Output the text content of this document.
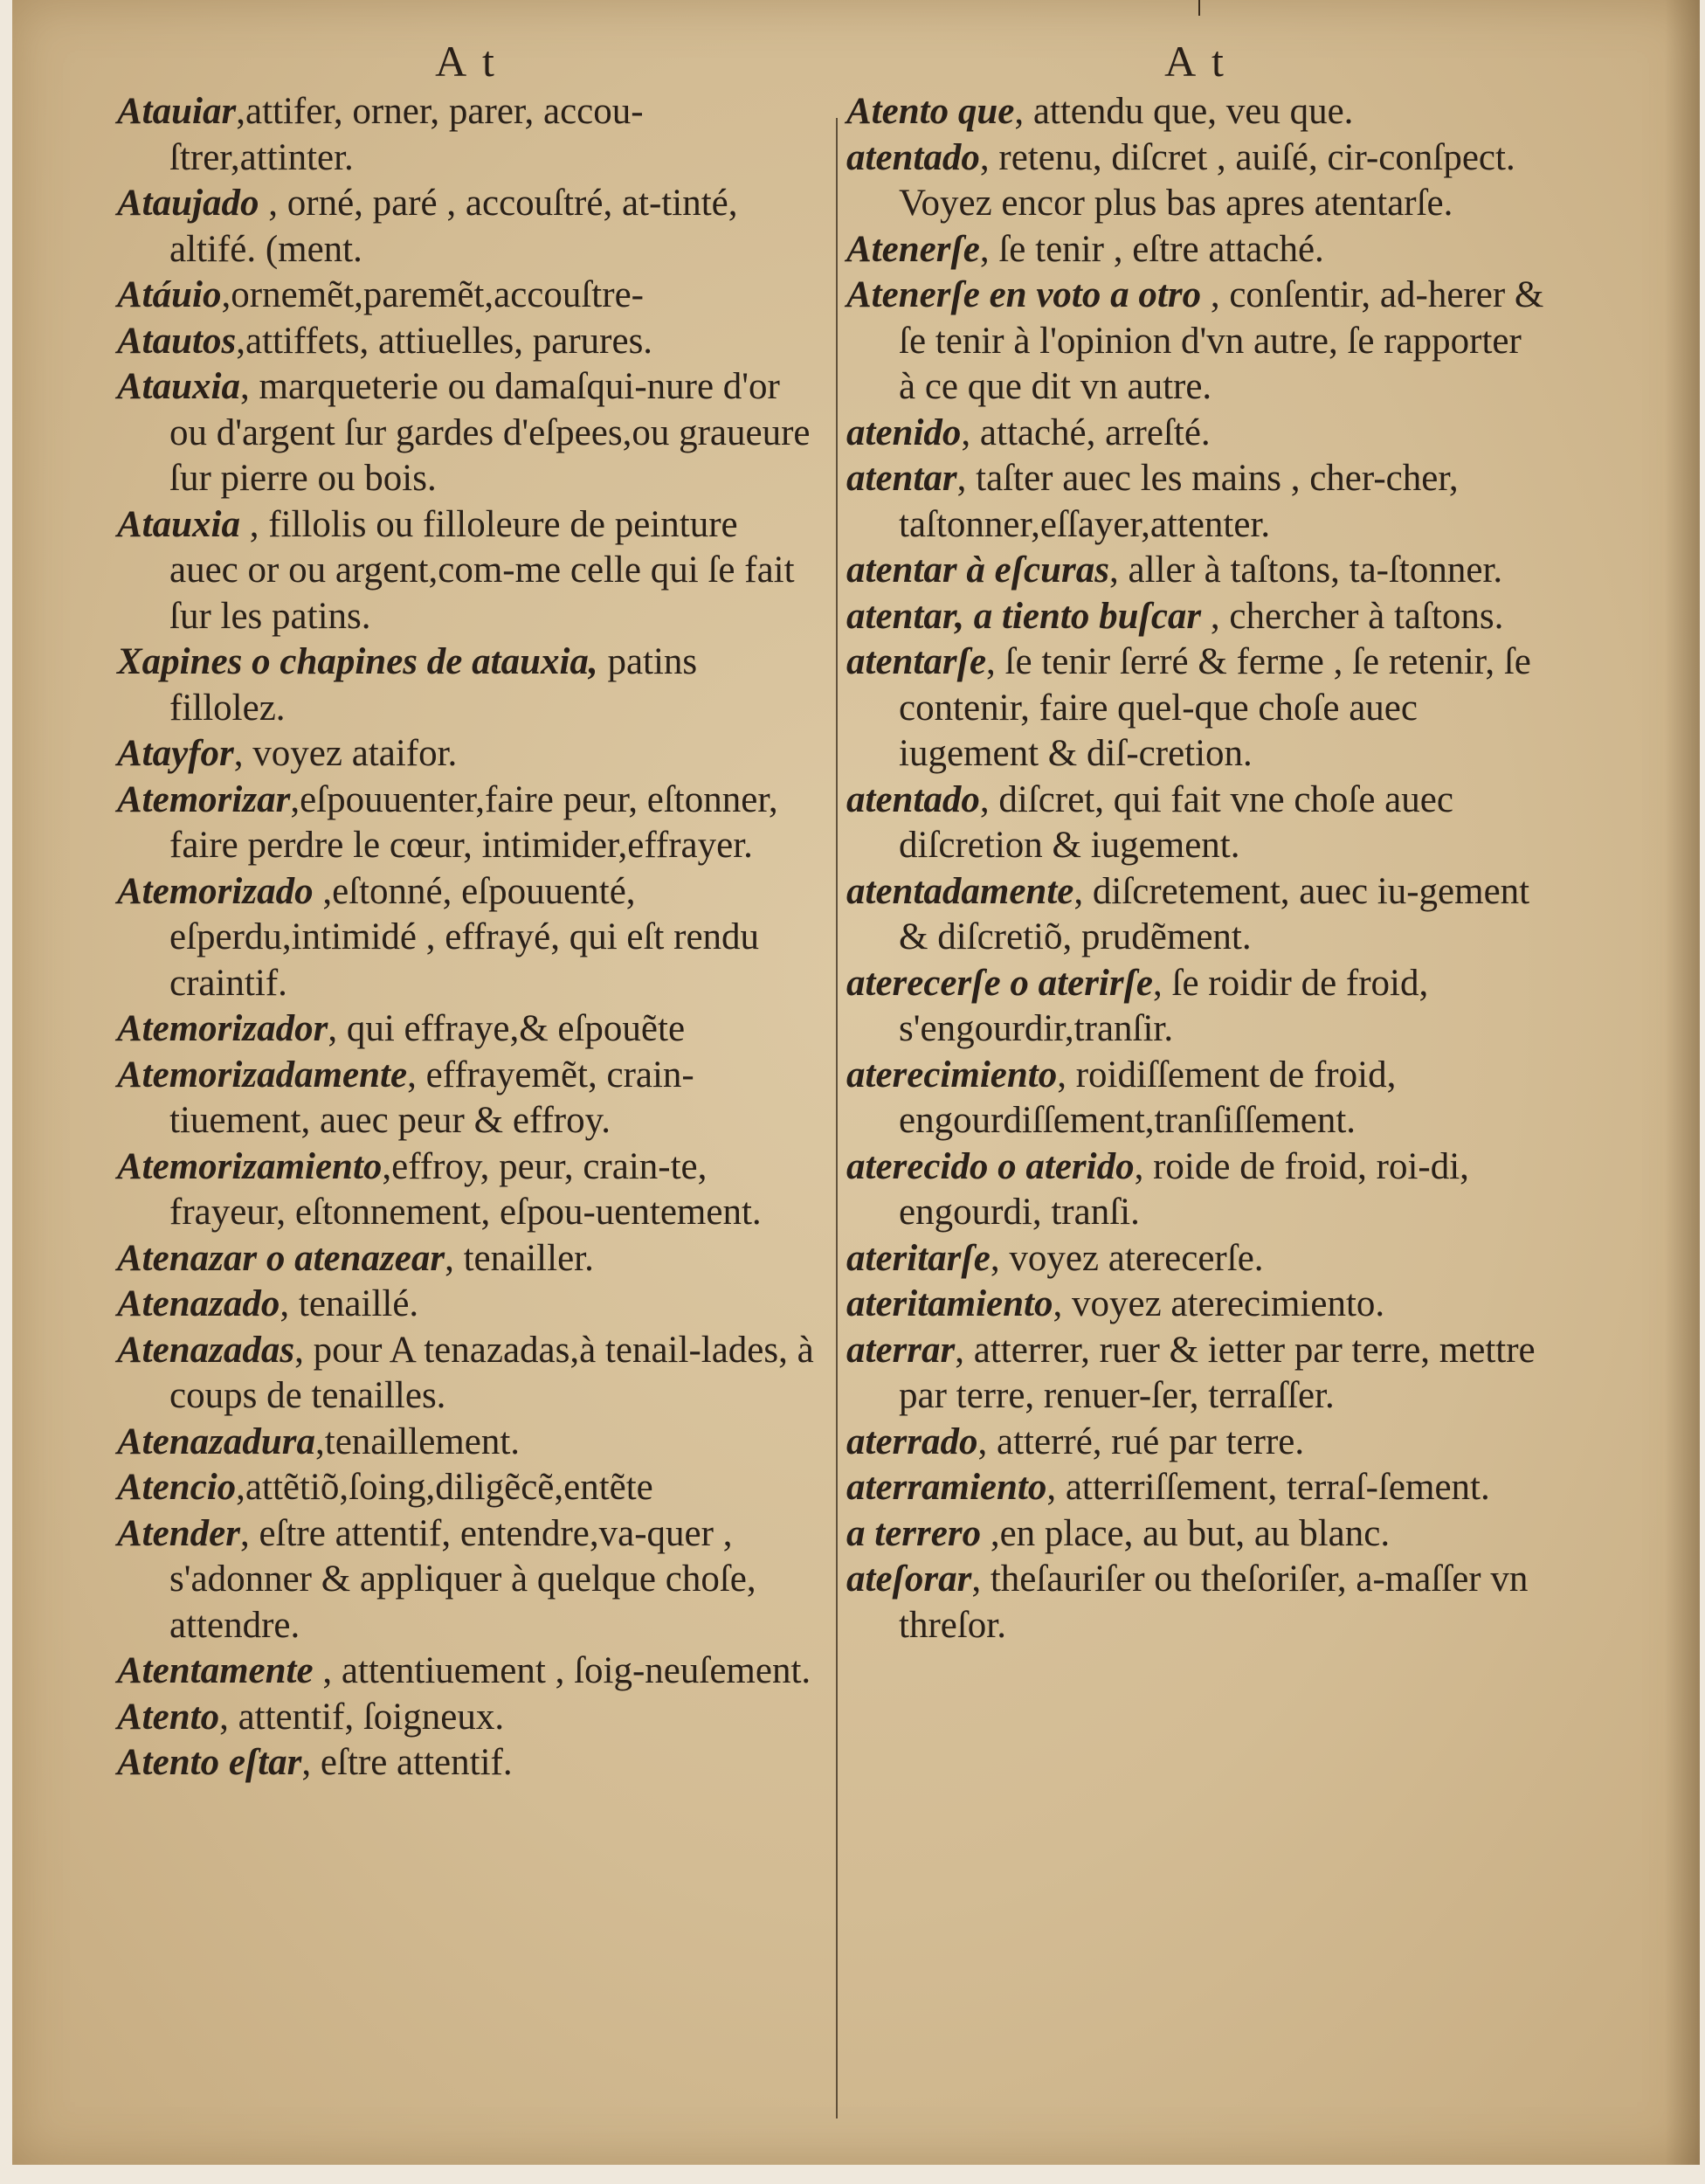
A t

Atauiar,attifer, orner, parer, accou-ſtrer,attinter.

Ataujado , orné, paré , accouſtré, at-tinté, altifé. (ment.

Atáuio,ornemẽt,paremẽt,accouſtre-

Atautos,attiffets, attiuelles, parures.

Atauxia, marqueterie ou damaſqui-nure d'or ou d'argent ſur gardes d'eſpees,ou graueure ſur pierre ou bois.

Atauxia , fillolis ou filloleure de peinture auec or ou argent,com-me celle qui ſe fait ſur les patins.

Xapines o chapines de atauxia, patins fillolez.

Atayfor, voyez ataifor.

Atemorizar,eſpouuenter,faire peur, eſtonner, faire perdre le cœur, intimider,effrayer.

Atemorizado ,eſtonné, eſpouuenté, eſperdu,intimidé , effrayé, qui eſt rendu craintif.

Atemorizador, qui effraye,& eſpouẽte

Atemorizadamente, effrayemẽt, crain-tiuement, auec peur & effroy.

Atemorizamiento,effroy, peur, crain-te, frayeur, eſtonnement, eſpou-uentement.

Atenazar o atenazear, tenailler.

Atenazado, tenaillé.

Atenazadas, pour A tenazadas,à tenail-lades, à coups de tenailles.

Atenazadura,tenaillement.

Atencio,attẽtiõ,ſoing,diligẽcẽ,entẽte

Atender, eſtre attentif, entendre,va-quer , s'adonner & appliquer à quelque choſe, attendre.

Atentamente , attentiuement , ſoig-neuſement.

Atento, attentif, ſoigneux.

Atento eſtar, eſtre attentif.

A t

Atento que, attendu que, veu que.

atentado, retenu, diſcret , auiſé, cir-conſpect. Voyez encor plus bas apres atentarſe.

Atenerſe, ſe tenir , eſtre attaché.

Atenerſe en voto a otro , conſentir, ad-herer & ſe tenir à l'opinion d'vn autre, ſe rapporter à ce que dit vn autre.

atenido, attaché, arreſté.

atentar, taſter auec les mains , cher-cher, taſtonner,eſſayer,attenter.

atentar à eſcuras, aller à taſtons, ta-ſtonner.

atentar, a tiento buſcar , chercher à taſtons.

atentarſe, ſe tenir ſerré & ferme , ſe retenir, ſe contenir, faire quel-que choſe auec iugement & diſ-cretion.

atentado, diſcret, qui fait vne choſe auec diſcretion & iugement.

atentadamente, diſcretement, auec iu-gement & diſcretiõ, prudẽment.

aterecerſe o aterirſe, ſe roidir de froid, s'engourdir,tranſir.

aterecimiento, roidiſſement de froid, engourdiſſement,tranſiſſement.

aterecido o aterido, roide de froid, roi-di, engourdi, tranſi.

ateritarſe, voyez aterecerſe.

ateritamiento, voyez aterecimiento.

aterrar, atterrer, ruer & ietter par terre, mettre par terre, renuer-ſer, terraſſer.

aterrado, atterré, rué par terre.

aterramiento, atterriſſement, terraſ-ſement.

a terrero ,en place, au but, au blanc.

ateſorar, theſauriſer ou theſoriſer, a-maſſer vn threſor.
